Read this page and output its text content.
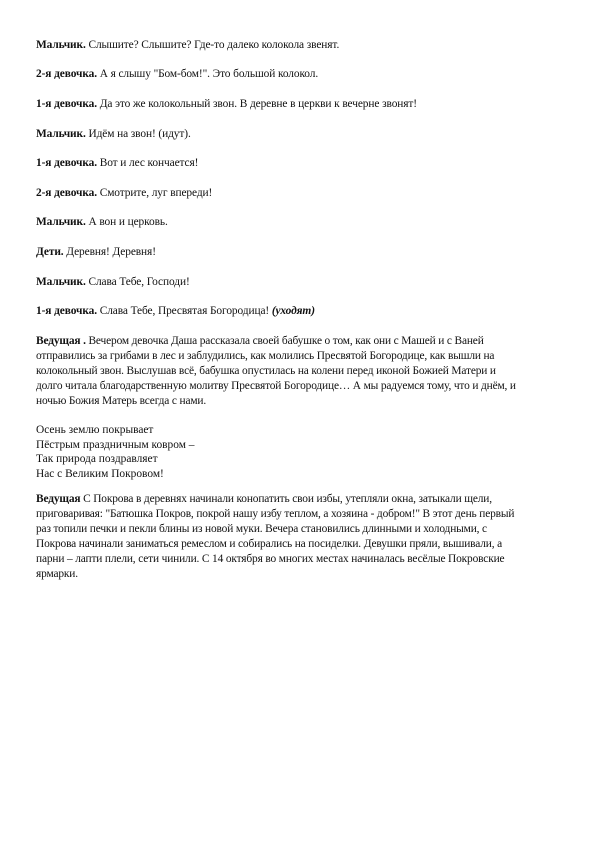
Мальчик. Слышите? Слышите? Где-то далеко колокола звенят.
2-я девочка. А я слышу "Бом-бом!". Это большой колокол.
1-я девочка. Да это же колокольный звон. В деревне в церкви к вечерне звонят!
Мальчик. Идём на звон! (идут).
1-я девочка. Вот и лес кончается!
2-я девочка. Смотрите, луг впереди!
Мальчик. А вон и церковь.
Дети. Деревня! Деревня!
Мальчик. Слава Тебе, Господи!
1-я девочка. Слава Тебе, Пресвятая Богородица! (уходят)
Ведущая . Вечером девочка Даша рассказала своей бабушке о том, как они с Машей и с Ваней
отправились за грибами в лес и заблудились, как молились Пресвятой Богородице, как вышли на
колокольный звон. Выслушав всё, бабушка опустилась на колени перед иконой Божией Матери и
долго читала благодарственную молитву Пресвятой Богородице… А мы радуемся тому, что и днём, и
ночью Божия Матерь всегда с нами.
Осень землю покрывает
Пёстрым праздничным ковром –
Так природа поздравляет
Нас с Великим Покровом!
Ведущая С Покрова в деревнях начинали конопатить свои избы, утепляли окна, затыкали щели,
приговаривая: "Батюшка Покров, покрой нашу избу теплом, а хозяина - добром!" В этот день первый
раз топили печки и пекли блины из новой муки. Вечера становились длинными и холодными, с
Покрова начинали заниматься ремеслом и собирались на посиделки. Девушки пряли, вышивали, а
парни – лапти плели, сети чинили. С 14 октября во многих местах начиналась весёлые Покровские
ярмарки.
